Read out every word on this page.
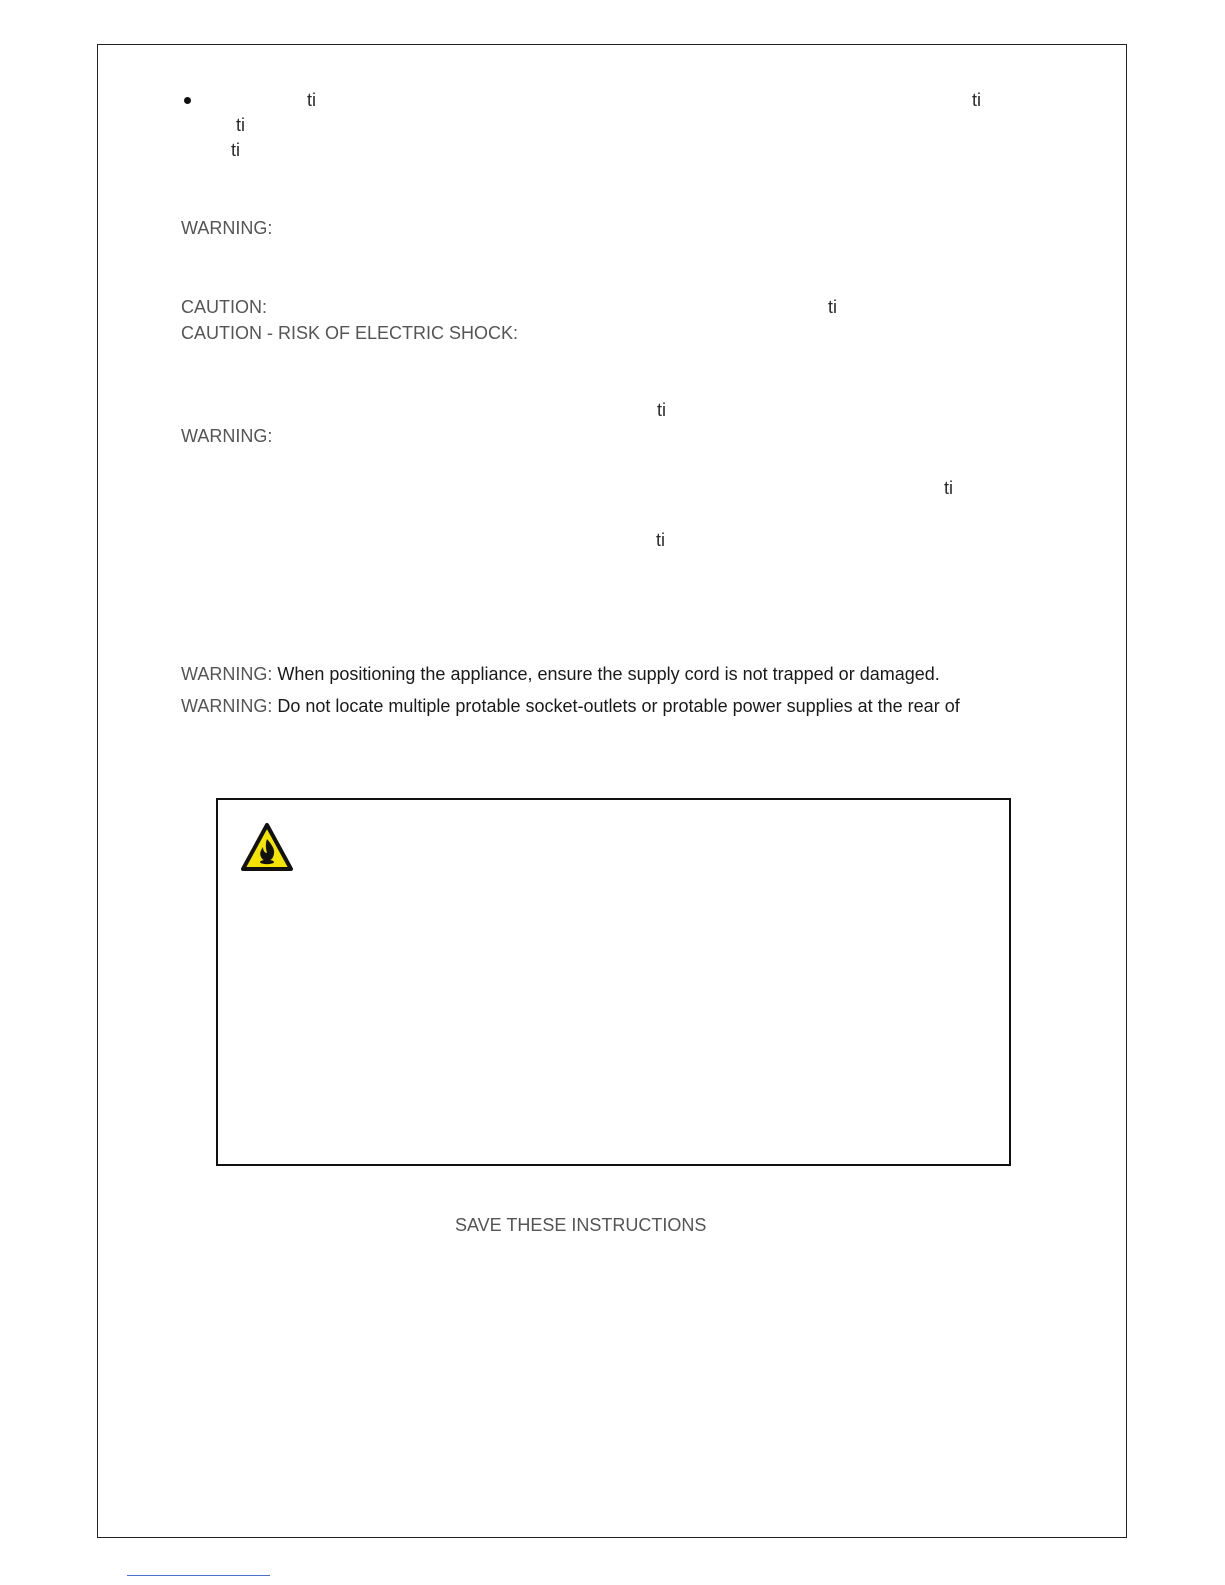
ti	ti
ti
ti
WARNING:
CAUTION:	ti
CAUTION - RISK OF ELECTRIC SHOCK:
ti
WARNING:
ti
ti
WARNING: When positioning the appliance, ensure the supply cord is not trapped or damaged.
WARNING: Do not locate multiple protable socket-outlets or protable power supplies at the rear of
SAVE THESE INSTRUCTIONS
